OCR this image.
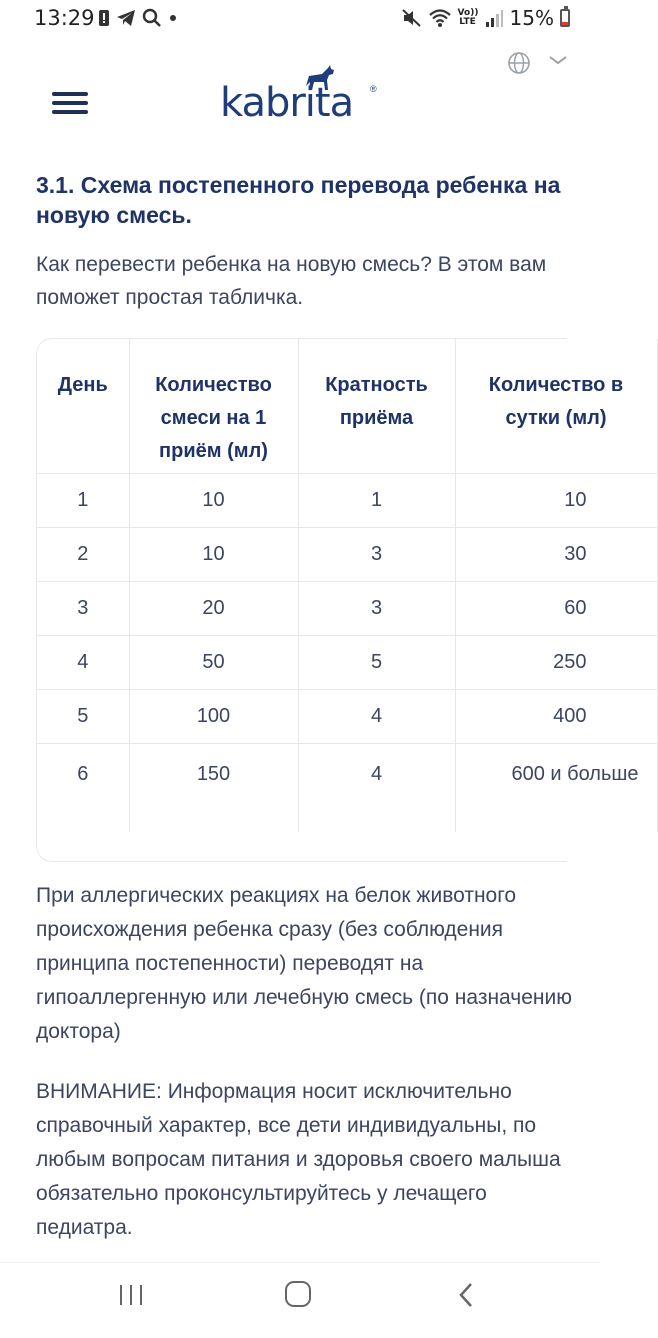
13:29	Vo)) LTE 15%
kabrita ®
3.1. Схема постепенного перевода ребенка на новую смесь.

Как перевести ребенка на новую смесь? В этом вам поможет простая табличка.

День	Количество смеси на 1 приём (мл)	Кратность приёма	Количество в сутки (мл)
1	10	1	10
2	10	3	30
3	20	3	60
4	50	5	250
5	100	4	400
6	150	4	600 и больше

При аллергических реакциях на белок животного происхождения ребенка сразу (без соблюдения принципа постепенности) переводят на гипоаллергенную или лечебную смесь (по назначению доктора)

ВНИМАНИЕ: Информация носит исключительно справочный характер, все дети индивидуальны, по любым вопросам питания и здоровья своего малыша обязательно проконсультируйтесь у лечащего педиатра.
